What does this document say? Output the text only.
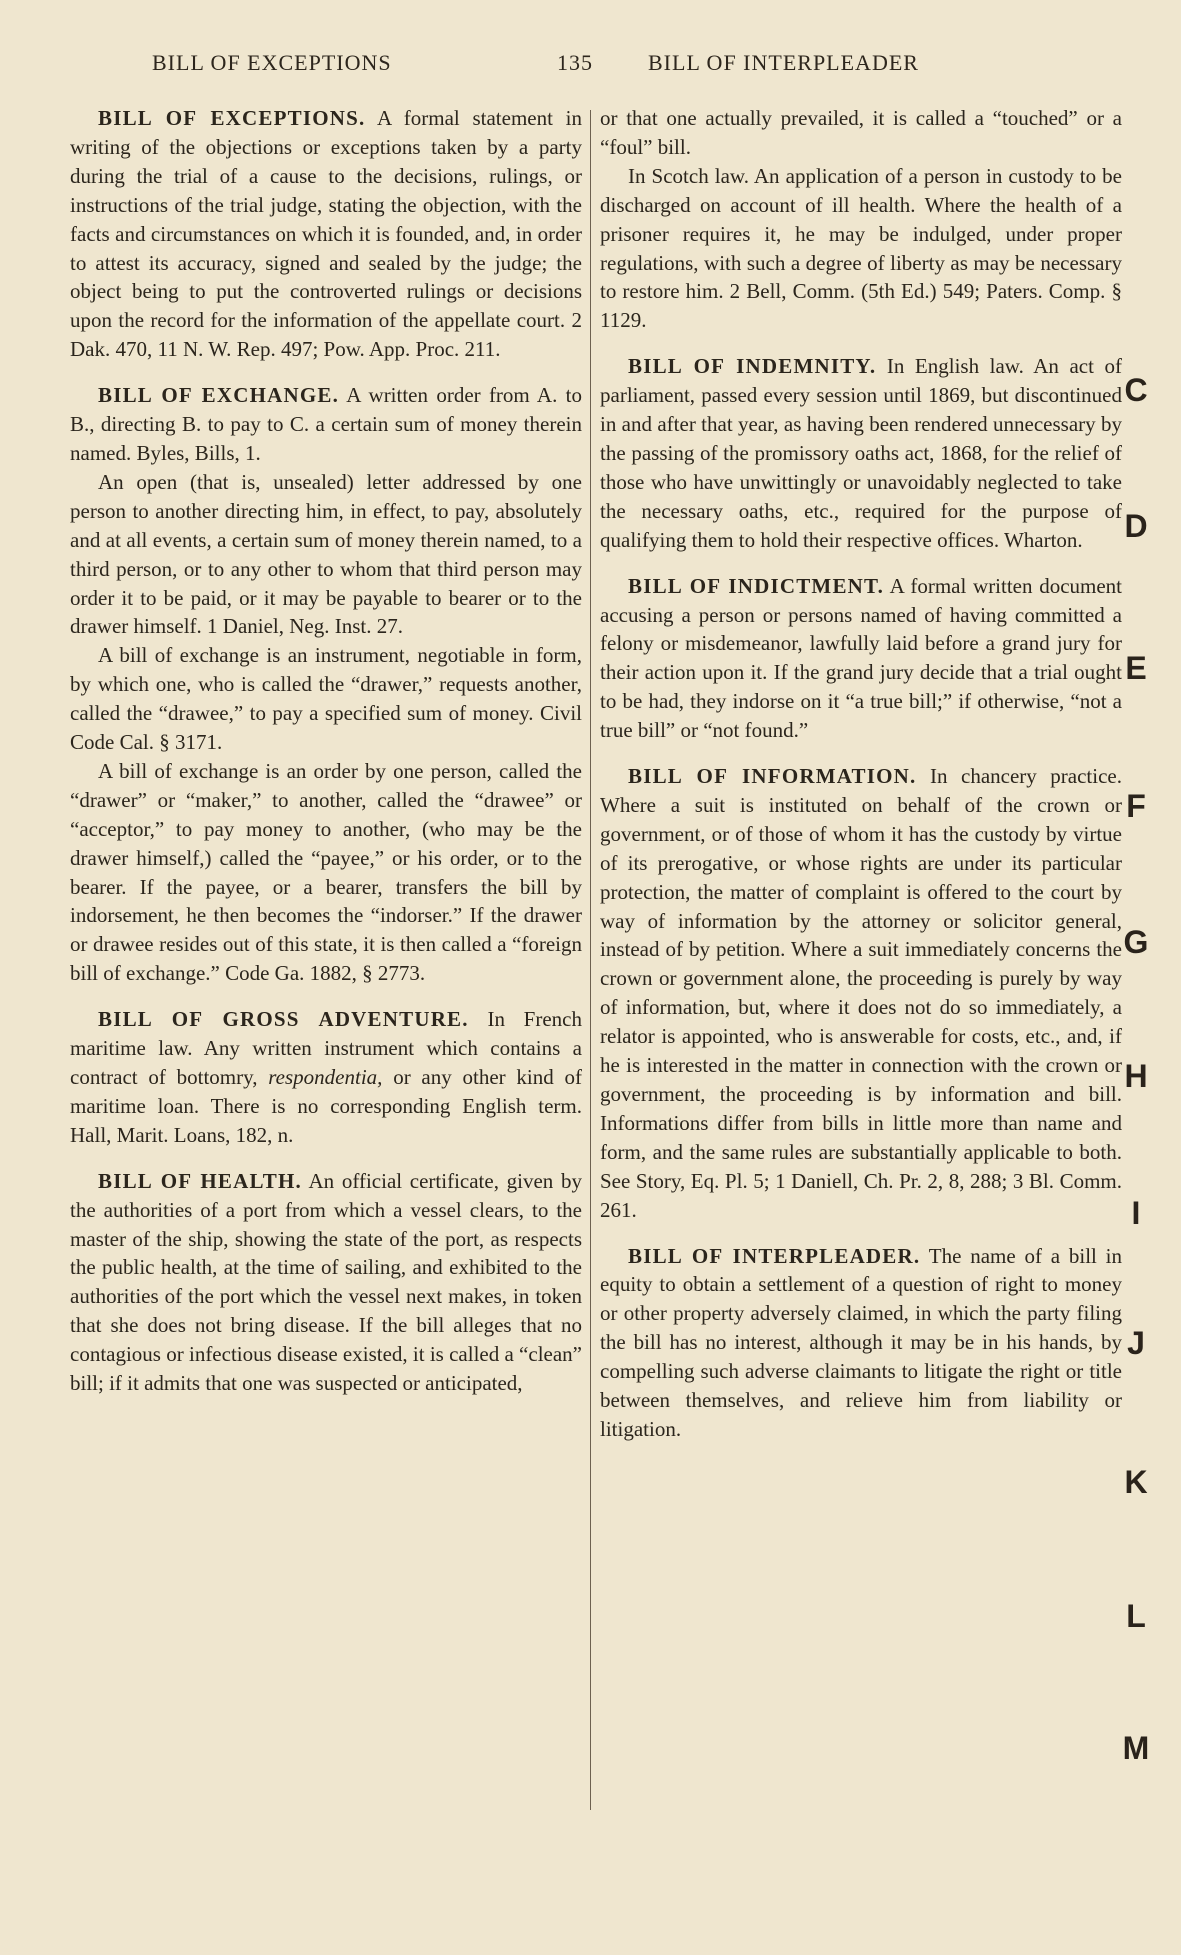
BILL OF EXCEPTIONS	135	BILL OF INTERPLEADER

BILL OF EXCEPTIONS. A formal statement in writing of the objections or exceptions taken by a party during the trial of a cause to the decisions, rulings, or instructions of the trial judge, stating the objection, with the facts and circumstances on which it is founded, and, in order to attest its accuracy, signed and sealed by the judge; the object being to put the controverted rulings or decisions upon the record for the information of the appellate court. 2 Dak. 470, 11 N. W. Rep. 497; Pow. App. Proc. 211.

BILL OF EXCHANGE. A written order from A. to B., directing B. to pay to C. a certain sum of money therein named. Byles, Bills, 1.

An open (that is, unsealed) letter addressed by one person to another directing him, in effect, to pay, absolutely and at all events, a certain sum of money therein named, to a third person, or to any other to whom that third person may order it to be paid, or it may be payable to bearer or to the drawer himself. 1 Daniel, Neg. Inst. 27.

A bill of exchange is an instrument, negotiable in form, by which one, who is called the “drawer,” requests another, called the “drawee,” to pay a specified sum of money. Civil Code Cal. § 3171.

A bill of exchange is an order by one person, called the “drawer” or “maker,” to another, called the “drawee” or “acceptor,” to pay money to another, (who may be the drawer himself,) called the “payee,” or his order, or to the bearer. If the payee, or a bearer, transfers the bill by indorsement, he then becomes the “indorser.” If the drawer or drawee resides out of this state, it is then called a “foreign bill of exchange.” Code Ga. 1882, § 2773.

BILL OF GROSS ADVENTURE. In French maritime law. Any written instrument which contains a contract of bottomry, respondentia, or any other kind of maritime loan. There is no corresponding English term. Hall, Marit. Loans, 182, n.

BILL OF HEALTH. An official certificate, given by the authorities of a port from which a vessel clears, to the master of the ship, showing the state of the port, as respects the public health, at the time of sailing, and exhibited to the authorities of the port which the vessel next makes, in token that she does not bring disease. If the bill alleges that no contagious or infectious disease existed, it is called a “clean” bill; if it admits that one was suspected or anticipated,

or that one actually prevailed, it is called a “touched” or a “foul” bill.

In Scotch law. An application of a person in custody to be discharged on account of ill health. Where the health of a prisoner requires it, he may be indulged, under proper regulations, with such a degree of liberty as may be necessary to restore him. 2 Bell, Comm. (5th Ed.) 549; Paters. Comp. § 1129.

BILL OF INDEMNITY. In English law. An act of parliament, passed every session until 1869, but discontinued in and after that year, as having been rendered unnecessary by the passing of the promissory oaths act, 1868, for the relief of those who have unwittingly or unavoidably neglected to take the necessary oaths, etc., required for the purpose of qualifying them to hold their respective offices. Wharton.

BILL OF INDICTMENT. A formal written document accusing a person or persons named of having committed a felony or misdemeanor, lawfully laid before a grand jury for their action upon it. If the grand jury decide that a trial ought to be had, they indorse on it “a true bill;” if otherwise, “not a true bill” or “not found.”

BILL OF INFORMATION. In chancery practice. Where a suit is instituted on behalf of the crown or government, or of those of whom it has the custody by virtue of its prerogative, or whose rights are under its particular protection, the matter of complaint is offered to the court by way of information by the attorney or solicitor general, instead of by petition. Where a suit immediately concerns the crown or government alone, the proceeding is purely by way of information, but, where it does not do so immediately, a relator is appointed, who is answerable for costs, etc., and, if he is interested in the matter in connection with the crown or government, the proceeding is by information and bill. Informations differ from bills in little more than name and form, and the same rules are substantially applicable to both. See Story, Eq. Pl. 5; 1 Daniell, Ch. Pr. 2, 8, 288; 3 Bl. Comm. 261.

BILL OF INTERPLEADER. The name of a bill in equity to obtain a settlement of a question of right to money or other property adversely claimed, in which the party filing the bill has no interest, although it may be in his hands, by compelling such adverse claimants to litigate the right or title between themselves, and relieve him from liability or litigation.

C
D
E
F
G
H
I
J
K
L
M
